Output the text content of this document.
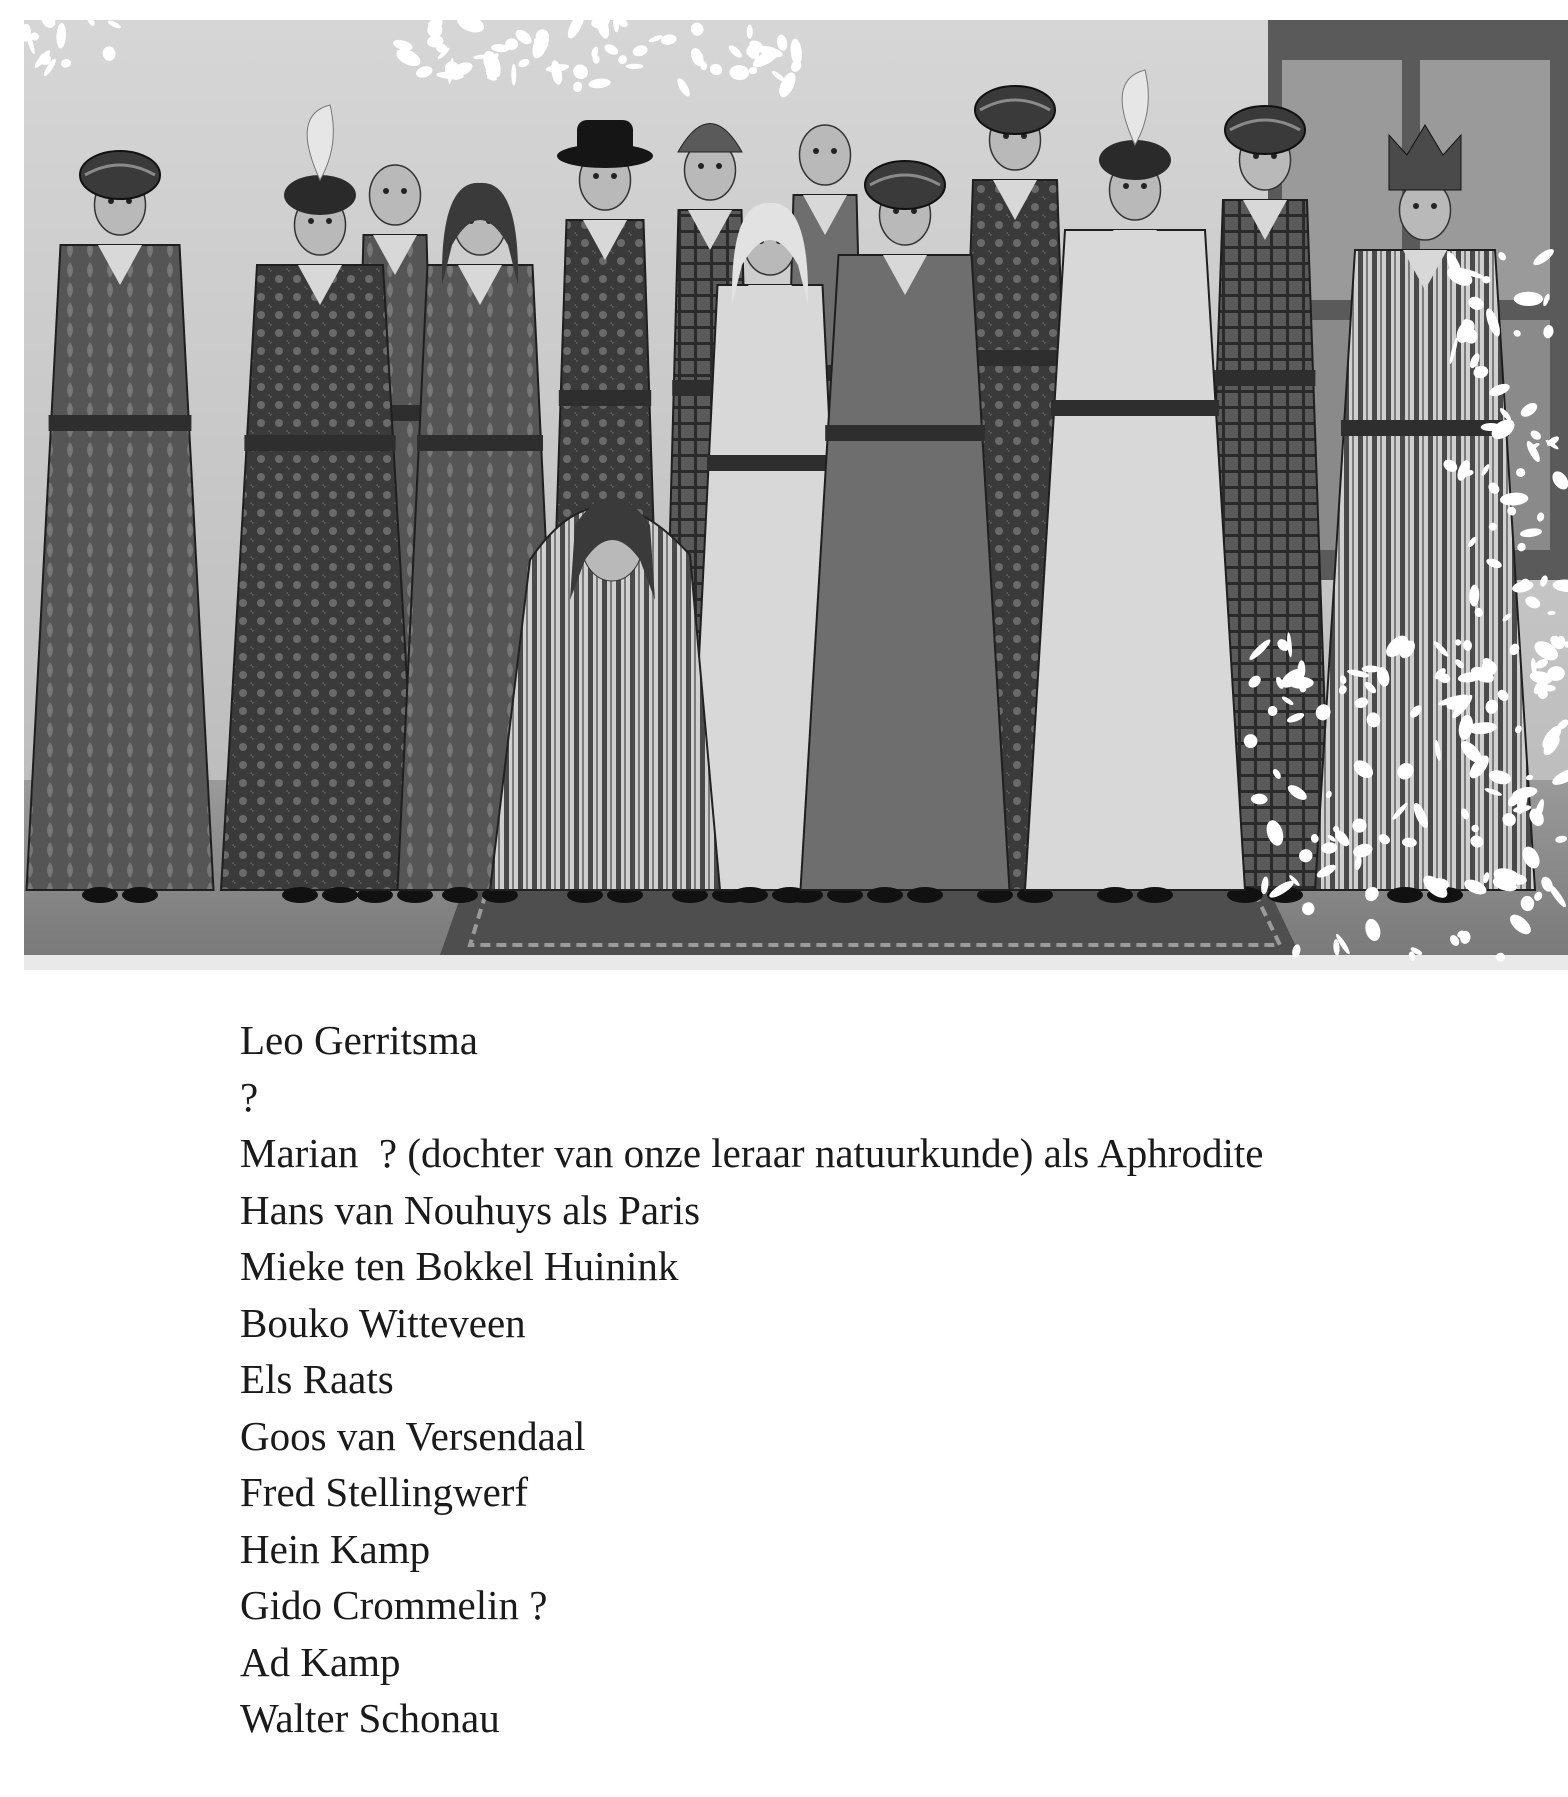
Leo Gerritsma
?
Marian  ? (dochter van onze leraar natuurkunde) als Aphrodite
Hans van Nouhuys als Paris
Mieke ten Bokkel Huinink
Bouko Witteveen
Els Raats
Goos van Versendaal
Fred Stellingwerf
Hein Kamp
Gido Crommelin ?
Ad Kamp
Walter Schonau
